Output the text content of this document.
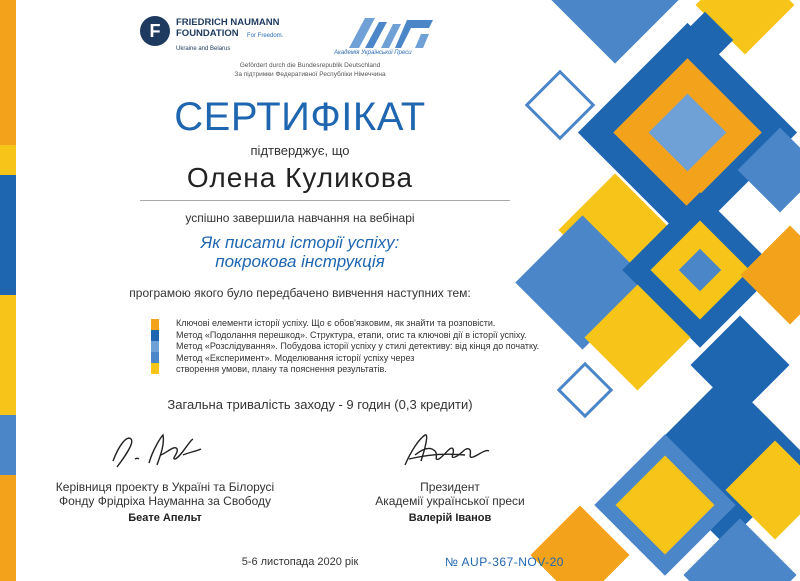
F	FRIEDRICH NAUMANN
FOUNDATION	For Freedom.
Ukraine and Belarus
Академія Української Преси
Gefördert durch die Bundesrepublik Deutschland
За підтримки Федеративної Республіки Німеччина
СЕРТИФІКАТ
підтверджує, що
Олена Куликова
успішно завершила навчання на вебінарі
Як писати історії успіху:
покрокова інструкція
програмою якого було передбачено вивчення наступних тем:
Ключові елементи історії успіху. Що є обов'язковим, як знайти та розповісти.
Метод «Подолання перешкод». Структура, етапи, огис та ключові дії в історії успіху.
Метод «Розслідування». Побудова історії успіху у стилі детективу: від кінця до початку.
Метод «Експеримент». Моделювання історії успіху через
створення умови, плану та пояснення результатів.
Загальна тривалість заходу - 9 годин (0,3 кредити)
Керівниця проекту в Україні та Білорусі
Фонду Фрідріха Науманна за Свободу
Президент
Академії української преси
Беате Апельт	Валерій Іванов
5-6 листопада 2020 рік	№ AUP-367-NOV-20
